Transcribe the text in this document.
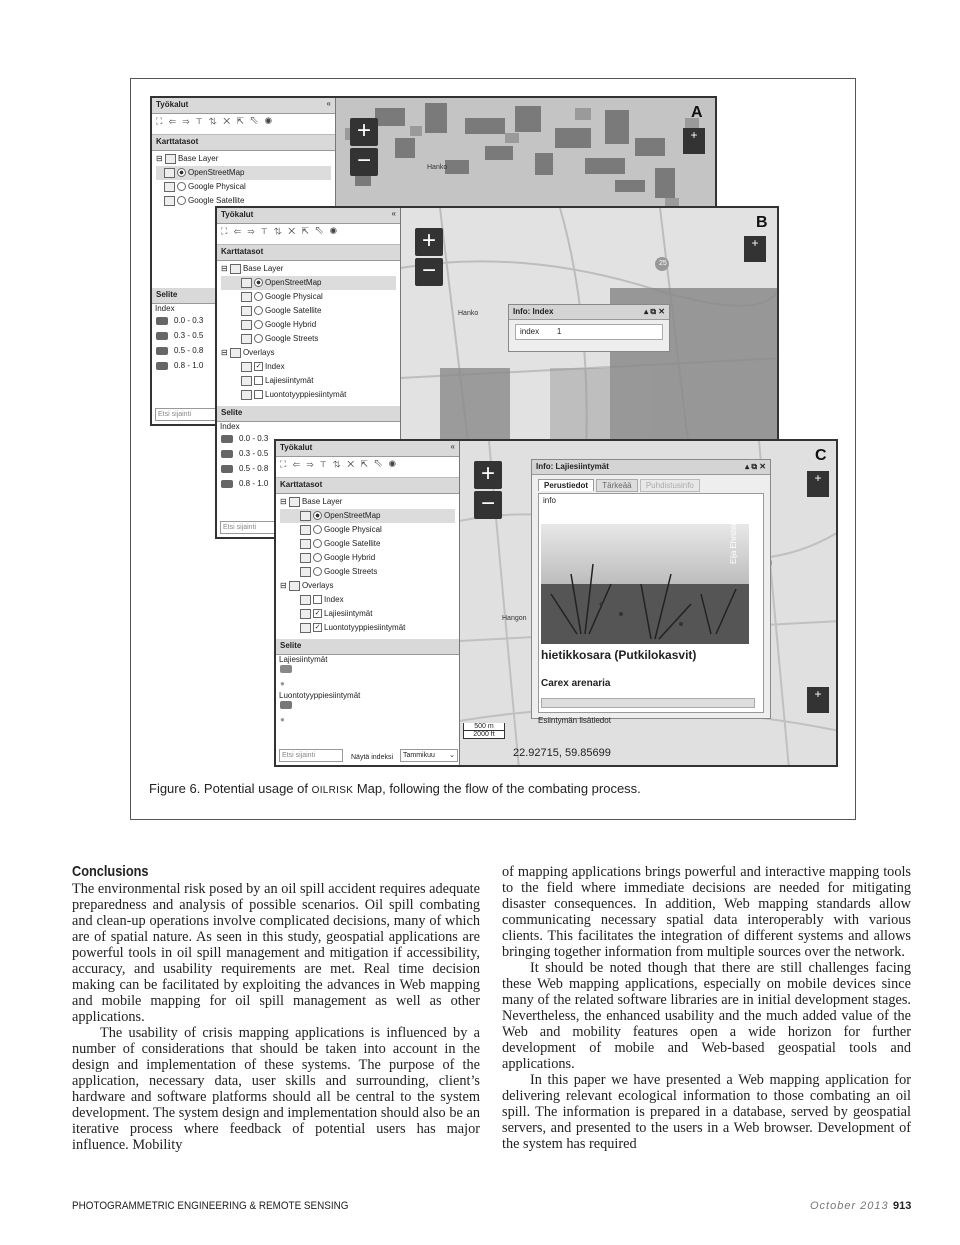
Hanko
+
−
A
+
Työkalut	«
⛶ ⇐ ⇒ ⊤ ⇅ ✕ ⇱ ⇖ ◉
Karttatasot
⊟ Base Layer
OpenStreetMap
Google Physical
Google Satellite
Selite
Index
0.0 - 0.3
0.3 - 0.5
0.5 - 0.8
0.8 - 1.0
Etsi sijainti
Hanko
25
+
−
B
+
Info: Index	▴ ⧉ ✕
index 1
Työkalut	«
⛶ ⇐ ⇒ ⊤ ⇅ ✕ ⇱ ⇖ ◉
Karttatasot
⊟ Base Layer
OpenStreetMap
Google Physical
Google Satellite
Google Hybrid
Google Streets
⊟ Overlays
✓ Index
Lajiesiintymät
Luontotyyppiesiintymät
Selite
Index
0.0 - 0.3
0.3 - 0.5
0.5 - 0.8
0.8 - 1.0
Etsi sijainti
Hangon
+
−
C
+
+
500 m
2000 ft
22.92715, 59.85699
Info: Lajiesiintymät	▴ ⧉ ✕
Perustiedot Tärkeää Puhdistusinfo
info
Eija Ehrsten
hietikkosara (Putkilokasvit)
Carex arenaria
Esiintymän lisätiedot
Työkalut	«
⛶ ⇐ ⇒ ⊤ ⇅ ✕ ⇱ ⇖ ◉
Karttatasot
⊟ Base Layer
OpenStreetMap
Google Physical
Google Satellite
Google Hybrid
Google Streets
⊟ Overlays
Index
✓ Lajiesiintymät
✓ Luontotyyppiesiintymät
Selite
Lajiesiintymät
●
Luontotyyppiesiintymät
●
Etsi sijainti	Näytä indeksi	Tammikuu ⌄
Figure 6. Potential usage of OILRISK Map, following the flow of the combating process.
Conclusions

The environmental risk posed by an oil spill accident requires adequate preparedness and analysis of possible scenarios. Oil spill combating and clean-up operations involve complicated decisions, many of which are of spatial nature. As seen in this study, geospatial applications are powerful tools in oil spill management and mitigation if accessibility, accuracy, and usability requirements are met. Real time decision making can be facilitated by exploiting the advances in Web mapping and mobile mapping for oil spill management as well as other applications.

The usability of crisis mapping applications is influenced by a number of considerations that should be taken into account in the design and implementation of these systems. The purpose of the application, necessary data, user skills and surrounding, client’s hardware and software platforms should all be central to the system development. The system design and implementation should also be an iterative process where feedback of potential users has major influence. Mobility

of mapping applications brings powerful and interactive mapping tools to the field where immediate decisions are needed for mitigating disaster consequences. In addition, Web mapping standards allow communicating necessary spatial data interoperably with various clients. This facilitates the integration of different systems and allows bringing together information from multiple sources over the network.

It should be noted though that there are still challenges facing these Web mapping applications, especially on mobile devices since many of the related software libraries are in initial development stages. Nevertheless, the enhanced usability and the much added value of the Web and mobility features open a wide horizon for further development of mobile and Web-based geospatial tools and applications.

In this paper we have presented a Web mapping application for delivering relevant ecological information to those combating an oil spill. The information is prepared in a database, served by geospatial servers, and presented to the users in a Web browser. Development of the system has required

PHOTOGRAMMETRIC ENGINEERING & REMOTE SENSING	October 2013 913
